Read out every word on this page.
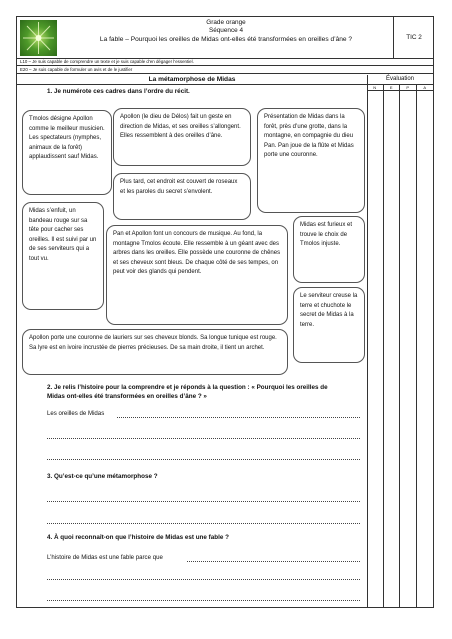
Grade orange
Séquence 4
La fable – Pourquoi les oreilles de Midas ont-elles été transformées en oreilles d’âne ?	TIC 2
L10 – Je suis capable de comprendre un texte et je suis capable d’en dégager l’essentiel.
E20 – Je suis capable de formuler un avis et de le justifier
La métamorphose de Midas
1. Je numérote ces cadres dans l’ordre du récit.
Tmolos désigne Apollon comme le meilleur musicien. Les spectateurs (nymphes, animaux de la forêt) applaudissent sauf Midas.
Apollon (le dieu de Délos) fait un geste en direction de Midas, et ses oreilles s’allongent. Elles ressemblent à des oreilles d’âne.
Présentation de Midas dans la forêt, près d’une grotte, dans la montagne, en compagnie du dieu Pan. Pan joue de la flûte et Midas porte une couronne.
Plus tard, cet endroit est couvert de roseaux et les paroles du secret s’envolent.
Midas s’enfuit, un bandeau rouge sur sa tête pour cacher ses oreilles. Il est suivi par un de ses serviteurs qui a tout vu.
Pan et Apollon font un concours de musique. Au fond, la montagne Tmolos écoute. Elle ressemble à un géant avec des arbres dans les oreilles. Elle possède une couronne de chênes et ses cheveux sont bleus. De chaque côté de ses tempes, on peut voir des glands qui pendent.
Midas est furieux et trouve le choix de Tmolos injuste.
Le serviteur creuse la terre et chuchote le secret de Midas à la terre.
Apollon porte une couronne de lauriers sur ses cheveux blonds. Sa longue tunique est rouge. Sa lyre est en ivoire incrustée de pierres précieuses. De sa main droite, il tient un archet.
2. Je relis l’histoire pour la comprendre et je réponds à la question : « Pourquoi les oreilles de Midas ont-elles été transformées en oreilles d’âne ? »
Les oreilles de Midas
3. Qu’est-ce qu’une métamorphose ?
4. À quoi reconnaît-on que l’histoire de Midas est une fable ?
L’histoire de Midas est une fable parce que
Évaluation
N	E	P	A
